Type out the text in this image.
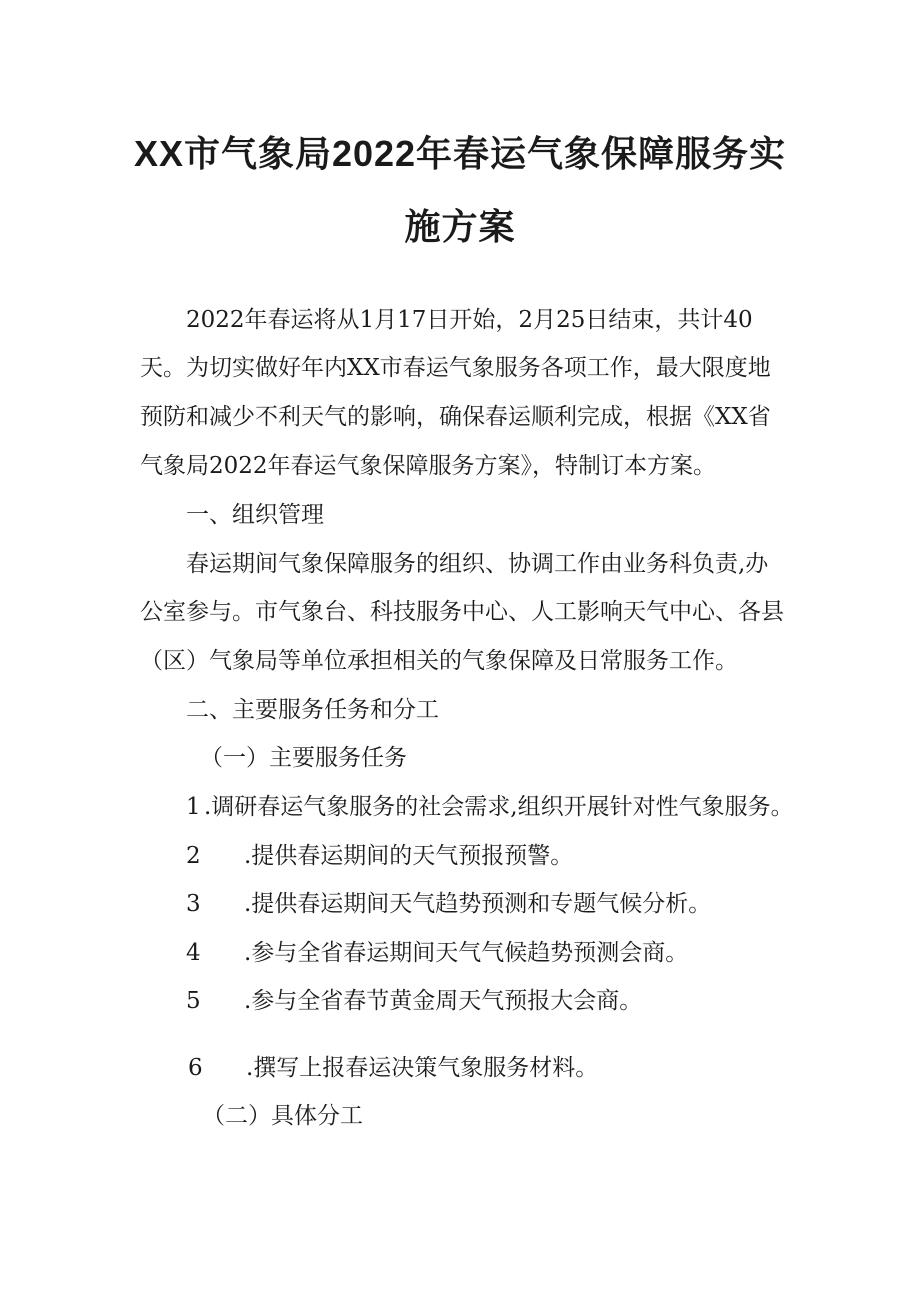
XX市气象局2022年春运气象保障服务实
施方案

2022年春运将从1月17日开始，2月25日结束，共计40

天。为切实做好年内XX市春运气象服务各项工作，最大限度地

预防和减少不利天气的影响，确保春运顺利完成，根据《XX省

气象局2022年春运气象保障服务方案》，特制订本方案。

一、组织管理

春运期间气象保障服务的组织、协调工作由业务科负责,办

公室参与。市气象台、科技服务中心、人工影响天气中心、各县

（区）气象局等单位承担相关的气象保障及日常服务工作。

二、主要服务任务和分工

（一）主要服务任务

1 .调研春运气象服务的社会需求,组织开展针对性气象服务。

2 .提供春运期间的天气预报预警。

3 .提供春运期间天气趋势预测和专题气候分析。

4 .参与全省春运期间天气气候趋势预测会商。

5 .参与全省春节黄金周天气预报大会商。

6 .撰写上报春运决策气象服务材料。

（二）具体分工
